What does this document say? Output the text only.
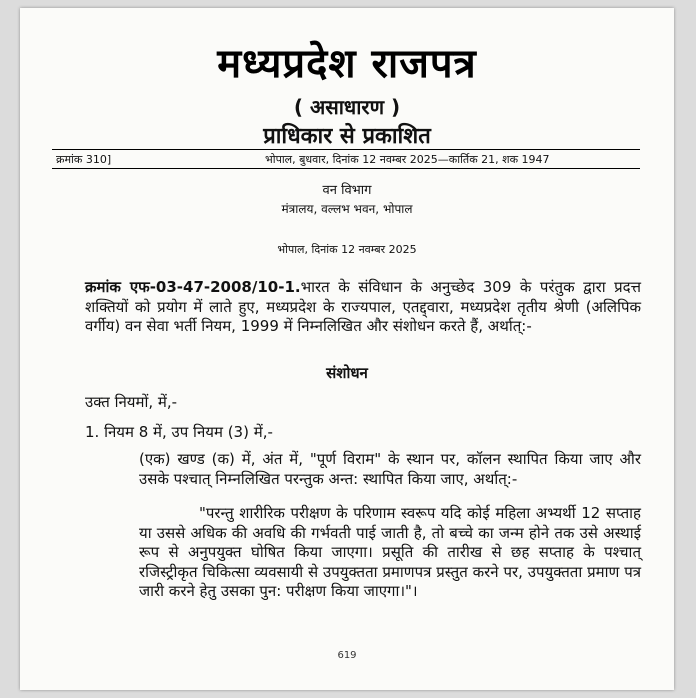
मध्यप्रदेश राजपत्र
( असाधारण )
प्राधिकार से प्रकाशित
क्रमांक 310]	भोपाल, बुधवार, दिनांक 12 नवम्बर 2025—कार्तिक 21, शक 1947
वन विभाग
मंत्रालय, वल्लभ भवन, भोपाल
भोपाल, दिनांक 12 नवम्बर 2025
क्रमांक एफ-03-47-2008/10-1.भारत के संविधान के अनुच्छेद 309 के परंतुक द्वारा प्रदत्त शक्तियों को प्रयोग में लाते हुए, मध्यप्रदेश के राज्यपाल, एतद्द्वारा, मध्यप्रदेश तृतीय श्रेणी (अलिपिक वर्गीय) वन सेवा भर्ती नियम, 1999 में निम्नलिखित और संशोधन करते हैं, अर्थात्:-
संशोधन
उक्त नियमों, में,-
1. नियम 8 में, उप नियम (3) में,-
(एक) खण्ड (क) में, अंत में, "पूर्ण विराम" के स्थान पर, कॉलन स्थापित किया जाए और उसके पश्चात् निम्नलिखित परन्तुक अन्त: स्थापित किया जाए, अर्थात्:-
"परन्तु शारीरिक परीक्षण के परिणाम स्वरूप यदि कोई महिला अभ्यर्थी 12 सप्ताह या उससे अधिक की अवधि की गर्भवती पाई जाती है, तो बच्चे का जन्म होने तक उसे अस्थाई रूप से अनुपयुक्त घोषित किया जाएगा। प्रसूति की तारीख से छह सप्ताह के पश्चात् रजिस्ट्रीकृत चिकित्सा व्यवसायी से उपयुक्तता प्रमाणपत्र प्रस्तुत करने पर, उपयुक्तता प्रमाण पत्र जारी करने हेतु उसका पुन: परीक्षण किया जाएगा।"।
619
